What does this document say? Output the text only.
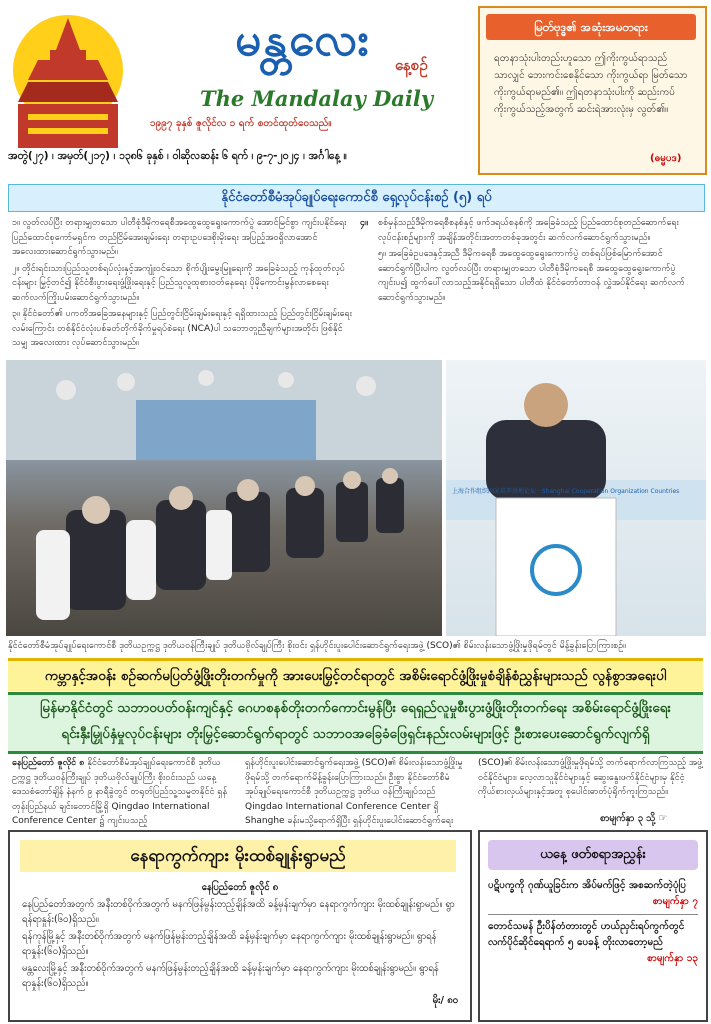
မန္တလေး	နေ့စဉ်
The Mandalay Daily
၁၉၉၇ ခုနှစ် ဇူလိုင်လ ၁ ရက် စတင်ထုတ်ဝေသည်။
အတွဲ(၂၇) ၊ အမှတ်(၂၁၇) ၊ ၁၃၈၆ ခုနှစ် ၊ ဝါဆိုလဆန်း ၆ ရက် ၊ ၉-၇-၂၀၂၄ ၊ အင်္ဂါနေ့ ။
မြတ်ဗုဒ္ဓ၏ အဆုံးအမတရား
ရတနာသုံးပါးတည်းဟူသော ဤကိုးကွယ်ရာသည်သာလျှင် ဘေးကင်းစေနိုင်သော ကိုးကွယ်ရာ မြတ်သော ကိုးကွယ်ရာမည်၏။ ဤရတနာသုံးပါးကို ဆည်းကပ်ကိုးကွယ်သည့်အတွက် ဆင်းရဲအားလုံးမှ လွတ်၏။
(ဓမ္မပဒ)
နိုင်ငံတော်စီမံအုပ်ချုပ်ရေးကောင်စီ ရှေ့လုပ်ငန်းစဉ် (၅) ရပ်

၁။ လွတ်လပ်ပြီး တရားမျှတသော ပါတီစုံဒီမိုကရေစီအထွေထွေရွေးကောက်ပွဲ အောင်မြင်စွာ ကျင်းပနိုင်ရေး ပြည်ထောင်စုကော်မရှင်က တည်ငြိမ်အေးချမ်းရေး တရားဥပဒေစိုးမိုးရေး အပြည့်အဝရှိလာအောင် အလေးထားဆောင်ရွက်သွားမည်။

၂။ တိုင်းရင်းသားပြည်သူတစ်ရပ်လုံးနှင့်အကျုံးဝင်သော စိုက်ပျိုးမွေးမြူရေးကို အခြေခံသည့် ကုန်ထုတ်လုပ်ငန်းများ မြှင့်တင်၍ နိုင်ငံစီးပွားရေးဖွံ့ဖြိုးရေးနှင့် ပြည်သူလူထုစားဝတ်နေရေး ပိုမိုကောင်းမွန်လာစေရေး ဆက်လက်ကြိုးပမ်းဆောင်ရွက်သွားမည်။

၃။ နိုင်ငံတော်၏ ပကတိအခြေအနေများနှင့် ပြည်တွင်းငြိမ်းချမ်းရေးနှင့် ရရှိထားသည့် ပြည်တွင်းငြိမ်းချမ်းရေးလမ်းကြောင်း တစ်နိုင်ငံလုံးပစ်ခတ်တိုက်ခိုက်မှုရပ်စဲရေး (NCA)ပါ သဘောတူညီချက်များအတိုင်း ဖြစ်နိုင်သမျှ အလေးထား လုပ်ဆောင်သွားမည်။

၄။	စစ်မှန်သည့်ဒီမိုကရေစီစနစ်နှင့် ဖက်ဒရယ်စနစ်ကို အခြေခံသည့် ပြည်ထောင်စုတည်ဆောက်ရေးလုပ်ငန်းစဉ်များကို အချိန်အတိုင်းအတာတစ်ခုအတွင်း ဆက်လက်ဆောင်ရွက်သွားမည်။

၅။ အခြေခံဥပဒေနှင့်အညီ ဒီမိုကရေစီ အထွေထွေရွေးကောက်ပွဲ တစ်ရပ်ဖြစ်မြောက်အောင် ဆောင်ရွက်ပြီးပါက လွတ်လပ်ပြီး တရားမျှတသော ပါတီစုံဒီမိုကရေစီ အထွေထွေရွေးကောက်ပွဲကျင်းပ၍ ထွက်ပေါ်လာသည့်အနိုင်ရရှိသော ပါတီထံ နိုင်ငံတော်တာဝန် လွှဲအပ်နိုင်ရေး ဆက်လက်ဆောင်ရွက်သွားမည်။

上海合作组织国家培养基地论坛 · Shanghai Cooperation Organization Countries
နိုင်ငံတော်စီမံအုပ်ချုပ်ရေးကောင်စီ ဒုတိယဥက္ကဋ္ဌ ဒုတိယဝန်ကြီးချုပ် ဒုတိယဗိုလ်ချုပ်ကြီး စိုးဝင်း ရှန်ဟိုင်းပူးပေါင်းဆောင်ရွက်ရေးအဖွဲ့ (SCO)၏ စိမ်းလန်းသောဖွံ့ဖြိုးမှုဖိုရမ်တွင် မိန့်ခွန်းပြောကြားစဉ်။
ကမ္ဘာနှင့်အဝန်း စဉ်ဆက်မပြတ်ဖွံ့ဖြိုးတိုးတက်မှုကို အားပေးမြှင့်တင်ရာတွင် အစိမ်းရောင်ဖွံ့ဖြိုးမှုစံချိန်စံညွှန်းများသည် လွန်စွာအရေးပါ
မြန်မာနိုင်ငံတွင် သဘာဝပတ်ဝန်းကျင်နှင့် ဂေဟစနစ်တိုးတက်ကောင်းမွန်ပြီး ရေရှည်လူမှုစီးပွားဖွံ့ဖြိုးတိုးတက်ရေး အစိမ်းရောင်ဖွံ့ဖြိုးရေး
ရင်းနှီးမြှုပ်နှံမှုလုပ်ငန်းများ တိုးမြှင့်ဆောင်ရွက်ရာတွင် သဘာဝအခြေခံဖြေရှင်းနည်းလမ်းများဖြင့် ဦးစားပေးဆောင်ရွက်လျက်ရှိ
နေပြည်တော် ဇူလိုင် ၈ နိုင်ငံတော်စီမံအုပ်ချုပ်ရေးကောင်စီ ဒုတိယဥက္ကဋ္ဌ ဒုတိယဝန်ကြီးချုပ် ဒုတိယဗိုလ်ချုပ်ကြီး စိုးဝင်းသည် ယနေ့ဒေသစံတော်ချိန် နံနက် ၉ နာရီခွဲတွင် တရုတ်ပြည်သူ့သမ္မတနိုင်ငံ ရှန်တုန်းပြည်နယ် ချင်းတောင်မြို့ရှိ Qingdao International Conference Center ၌ ကျင်းပသည့်
ရှန်ဟိုင်းပူးပေါင်းဆောင်ရွက်ရေးအဖွဲ့ (SCO)၏ စိမ်းလန်းသောဖွံ့ဖြိုးမှု ဖိုရမ်သို့ တက်ရောက်မိန့်ခွန်းပြောကြားသည်။ ဦးစွာ နိုင်ငံတော်စီမံအုပ်ချုပ်ရေးကောင်စီ ဒုတိယဥက္ကဋ္ဌ ဒုတိယ ဝန်ကြီးချုပ်သည် Qingdao International Conference Center ရှိ Shanghe ခန်းမသို့ရောက်ရှိပြီး ရှန်ဟိုင်းပူးပေါင်းဆောင်ရွက်ရေး
(SCO)၏ စိမ်းလန်းသောဖွံ့ဖြိုးမှုဖိုရမ်သို့ တက်ရောက်လာကြသည့် အဖွဲ့ဝင်နိုင်ငံများ၊ လေ့လာသူနိုင်ငံများနှင့် ဆွေးနွေးဖက်နိုင်ငံများမှ နိုင်ငံ့ကိုယ်စားလှယ်များနှင့်အတူ စုပေါင်းဓာတ်ပုံရိုက်ကူးကြသည်။
စာမျက်နှာ ၃ သို့ ☞
နေရာကွက်ကျား မိုးထစ်ချုန်းရွာမည်
နေပြည်တော် ဇူလိုင် ၈

နေပြည်တော်အတွက် အနီးတစ်ဝိုက်အတွက် မနက်ဖြန်မွန်းတည့်ချိန်အထိ ခန့်မှန်းချက်မှာ နေရာကွက်ကျား မိုးထစ်ချုန်းရွာမည်။ ရွာရန်ရာနှုန်း(၆၀)ရှိသည်။

ရန်ကုန်မြို့နှင့် အနီးတစ်ဝိုက်အတွက် မနက်ဖြန်မွန်းတည့်ချိန်အထိ ခန့်မှန်းချက်မှာ နေရာကွက်ကျား မိုးထစ်ချုန်းရွာမည်။ ရွာရန်ရာနှုန်း(၆၀)ရှိသည်။

မန္တလေးမြို့နှင့် အနီးတစ်ဝိုက်အတွက် မနက်ဖြန်မွန်းတည့်ချိန်အထိ ခန့်မှန်းချက်မှာ နေရာကွက်ကျား မိုးထစ်ချုန်းရွာမည်။ ရွာရန်ရာနှုန်း(၆၀)ရှိသည်။

မိုး/ ၈၀
ယနေ့ ဖတ်စရာအညွှန်း
ပဋိပက္ခကို ဂုဏ်ယူခြင်းက အိပ်မက်ဖြင့် အစဆက်တဲ့ပုံပြ
စာမျက်နှာ ၇
တောင်သမန် ဦးပိန်တံတားတွင် ဟယ်ညှင်းရပ်ကွက်တွင် လက်ပိုင်ဆိုင်ရေရာက် ၅ ပေခန့် တိုးလာတော့မည်
စာမျက်နှာ ၁၃
